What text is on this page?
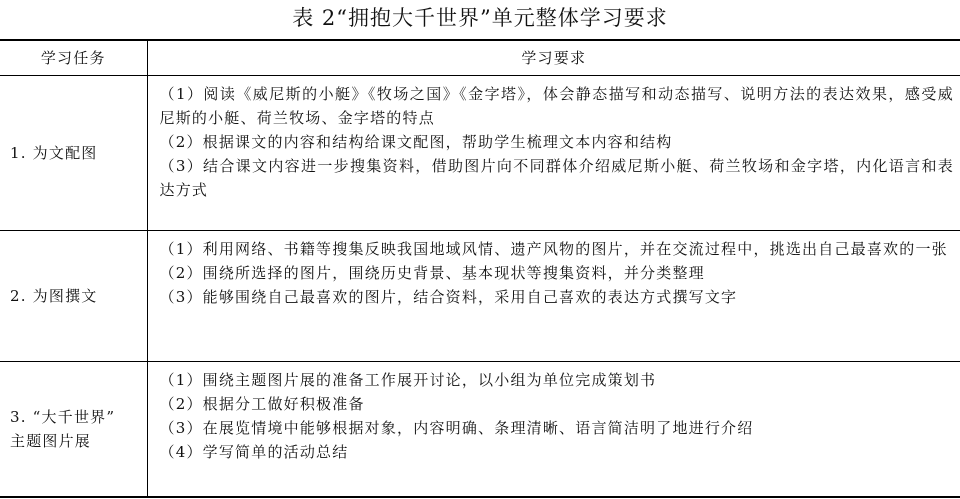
表 2“拥抱大千世界”单元整体学习要求
学习任务	学习要求
1. 为文配图	（1）阅读《威尼斯的小艇》《牧场之国》《金字塔》，体会静态描写和动态描写、说明方法的表达效果，感受威尼斯的小艇、荷兰牧场、金字塔的特点
（2）根据课文的内容和结构给课文配图，帮助学生梳理文本内容和结构
（3）结合课文内容进一步搜集资料，借助图片向不同群体介绍威尼斯小艇、荷兰牧场和金字塔，内化语言和表达方式

2. 为图撰文	（1）利用网络、书籍等搜集反映我国地域风情、遗产风物的图片，并在交流过程中，挑选出自己最喜欢的一张
（2）围绕所选择的图片，围绕历史背景、基本现状等搜集资料，并分类整理
（3）能够围绕自己最喜欢的图片，结合资料，采用自己喜欢的表达方式撰写文字

3. “大千世界”
主题图片展	（1）围绕主题图片展的准备工作展开讨论，以小组为单位完成策划书
（2）根据分工做好积极准备
（3）在展览情境中能够根据对象，内容明确、条理清晰、语言简洁明了地进行介绍
（4）学写简单的活动总结
